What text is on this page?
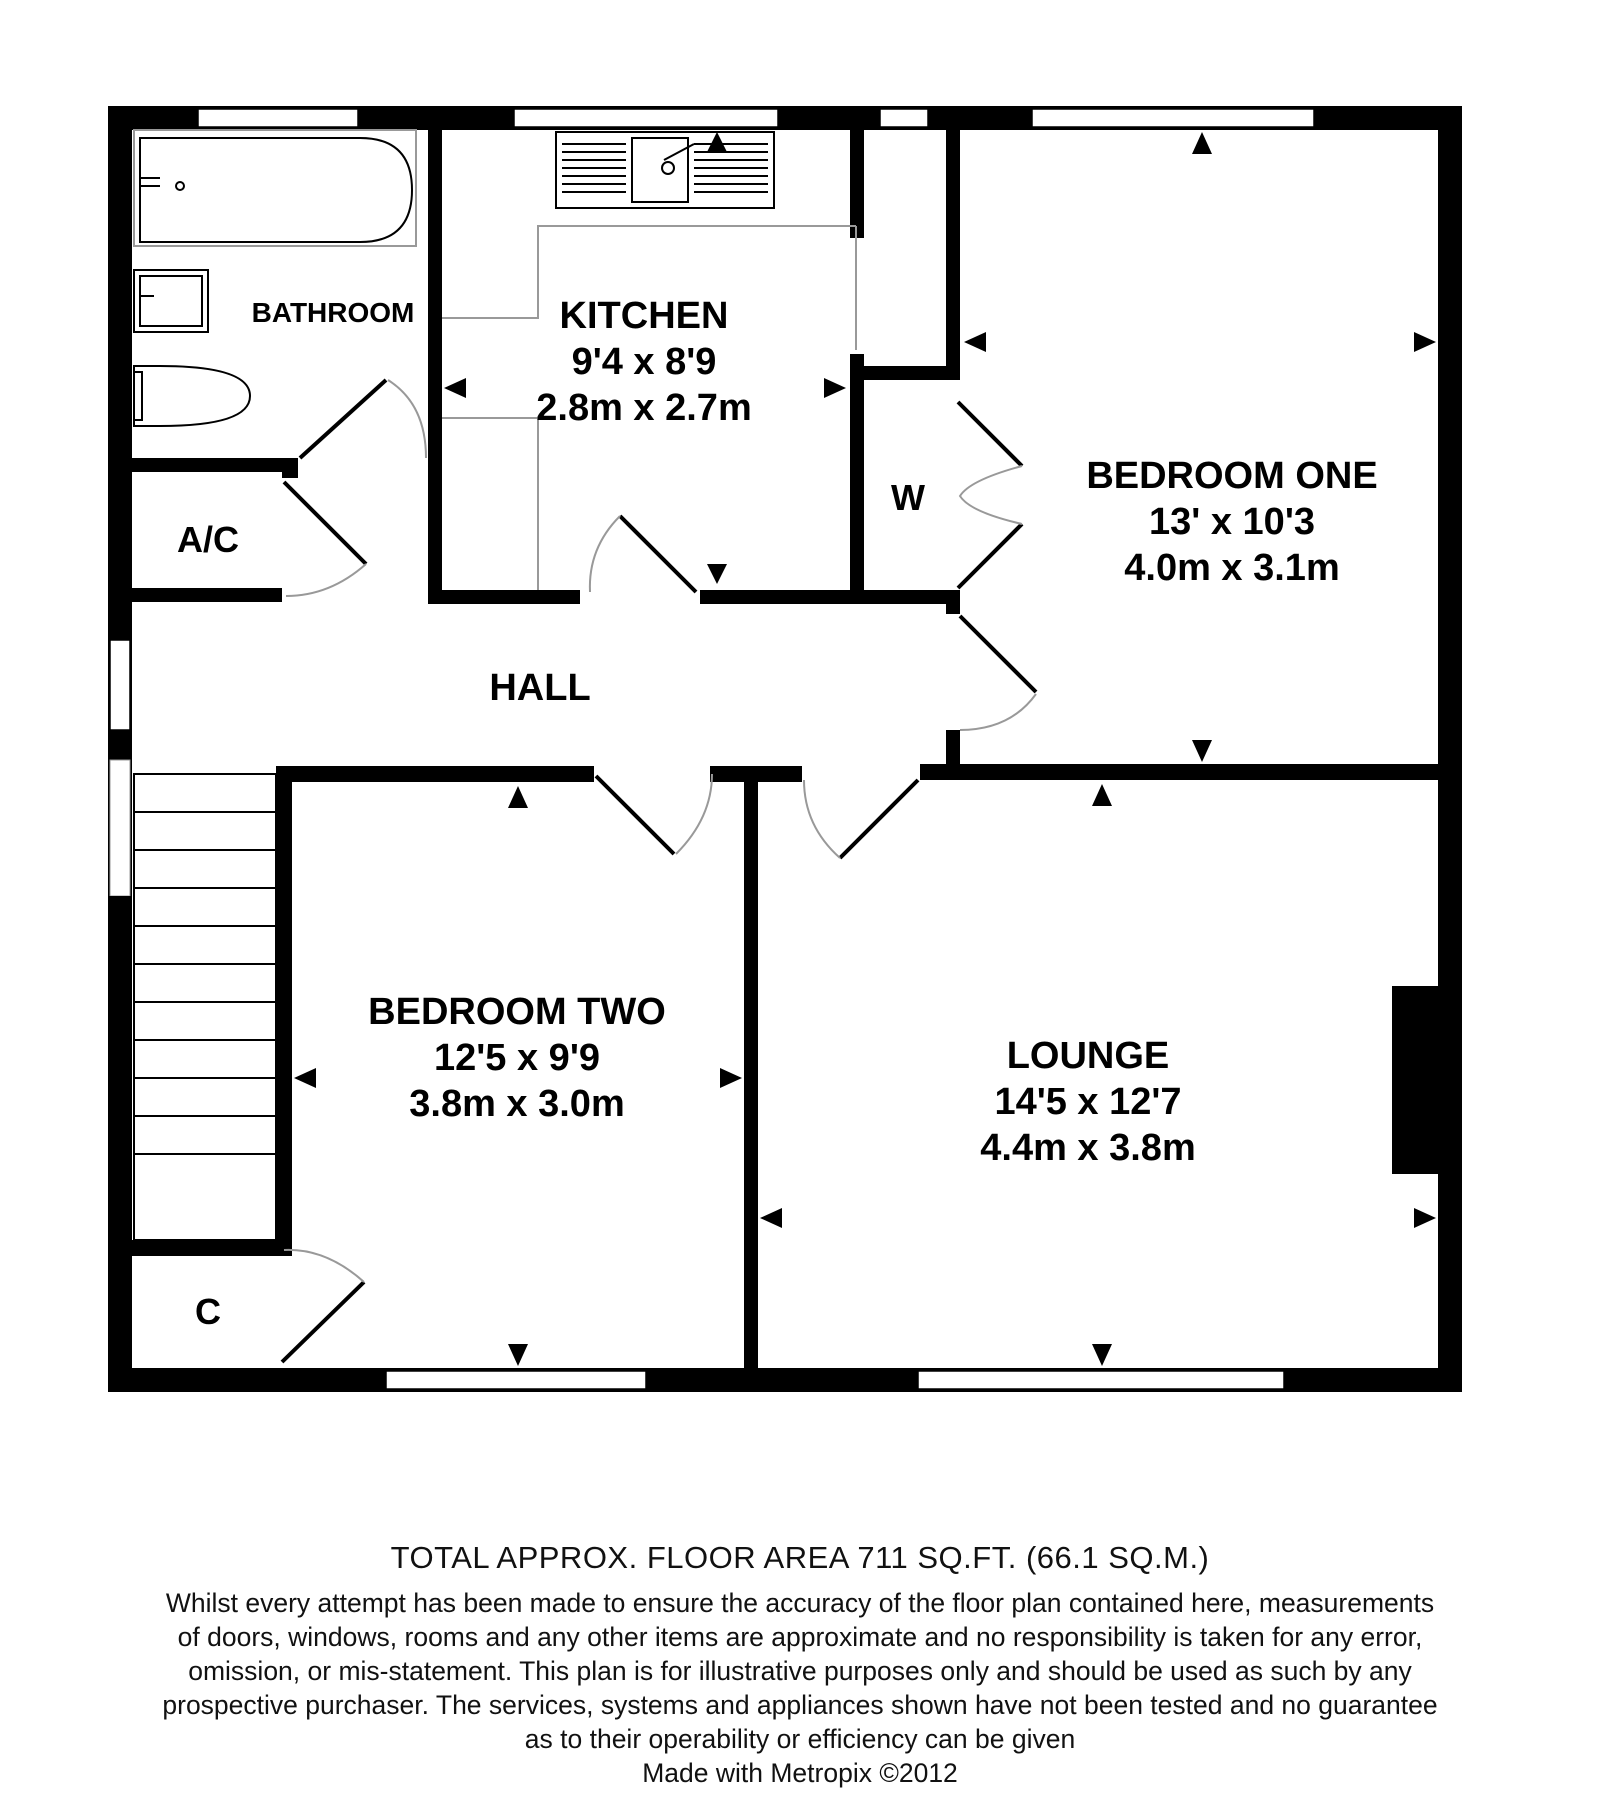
BATHROOM	KITCHEN
9'4 x 8'9
2.8m x 2.7m
A/C
W
BEDROOM ONE
13' x 10'3
4.0m x 3.1m
HALL
BEDROOM TWO
12'5 x 9'9
3.8m x 3.0m
LOUNGE
14'5 x 12'7
4.4m x 3.8m
C
TOTAL APPROX. FLOOR AREA 711 SQ.FT. (66.1 SQ.M.)
Whilst every attempt has been made to ensure the accuracy of the floor plan contained here, measurements
of doors, windows, rooms and any other items are approximate and no responsibility is taken for any error,
omission, or mis-statement. This plan is for illustrative purposes only and should be used as such by any
prospective purchaser. The services, systems and appliances shown have not been tested and no guarantee
as to their operability or efficiency can be given
Made with Metropix ©2012
